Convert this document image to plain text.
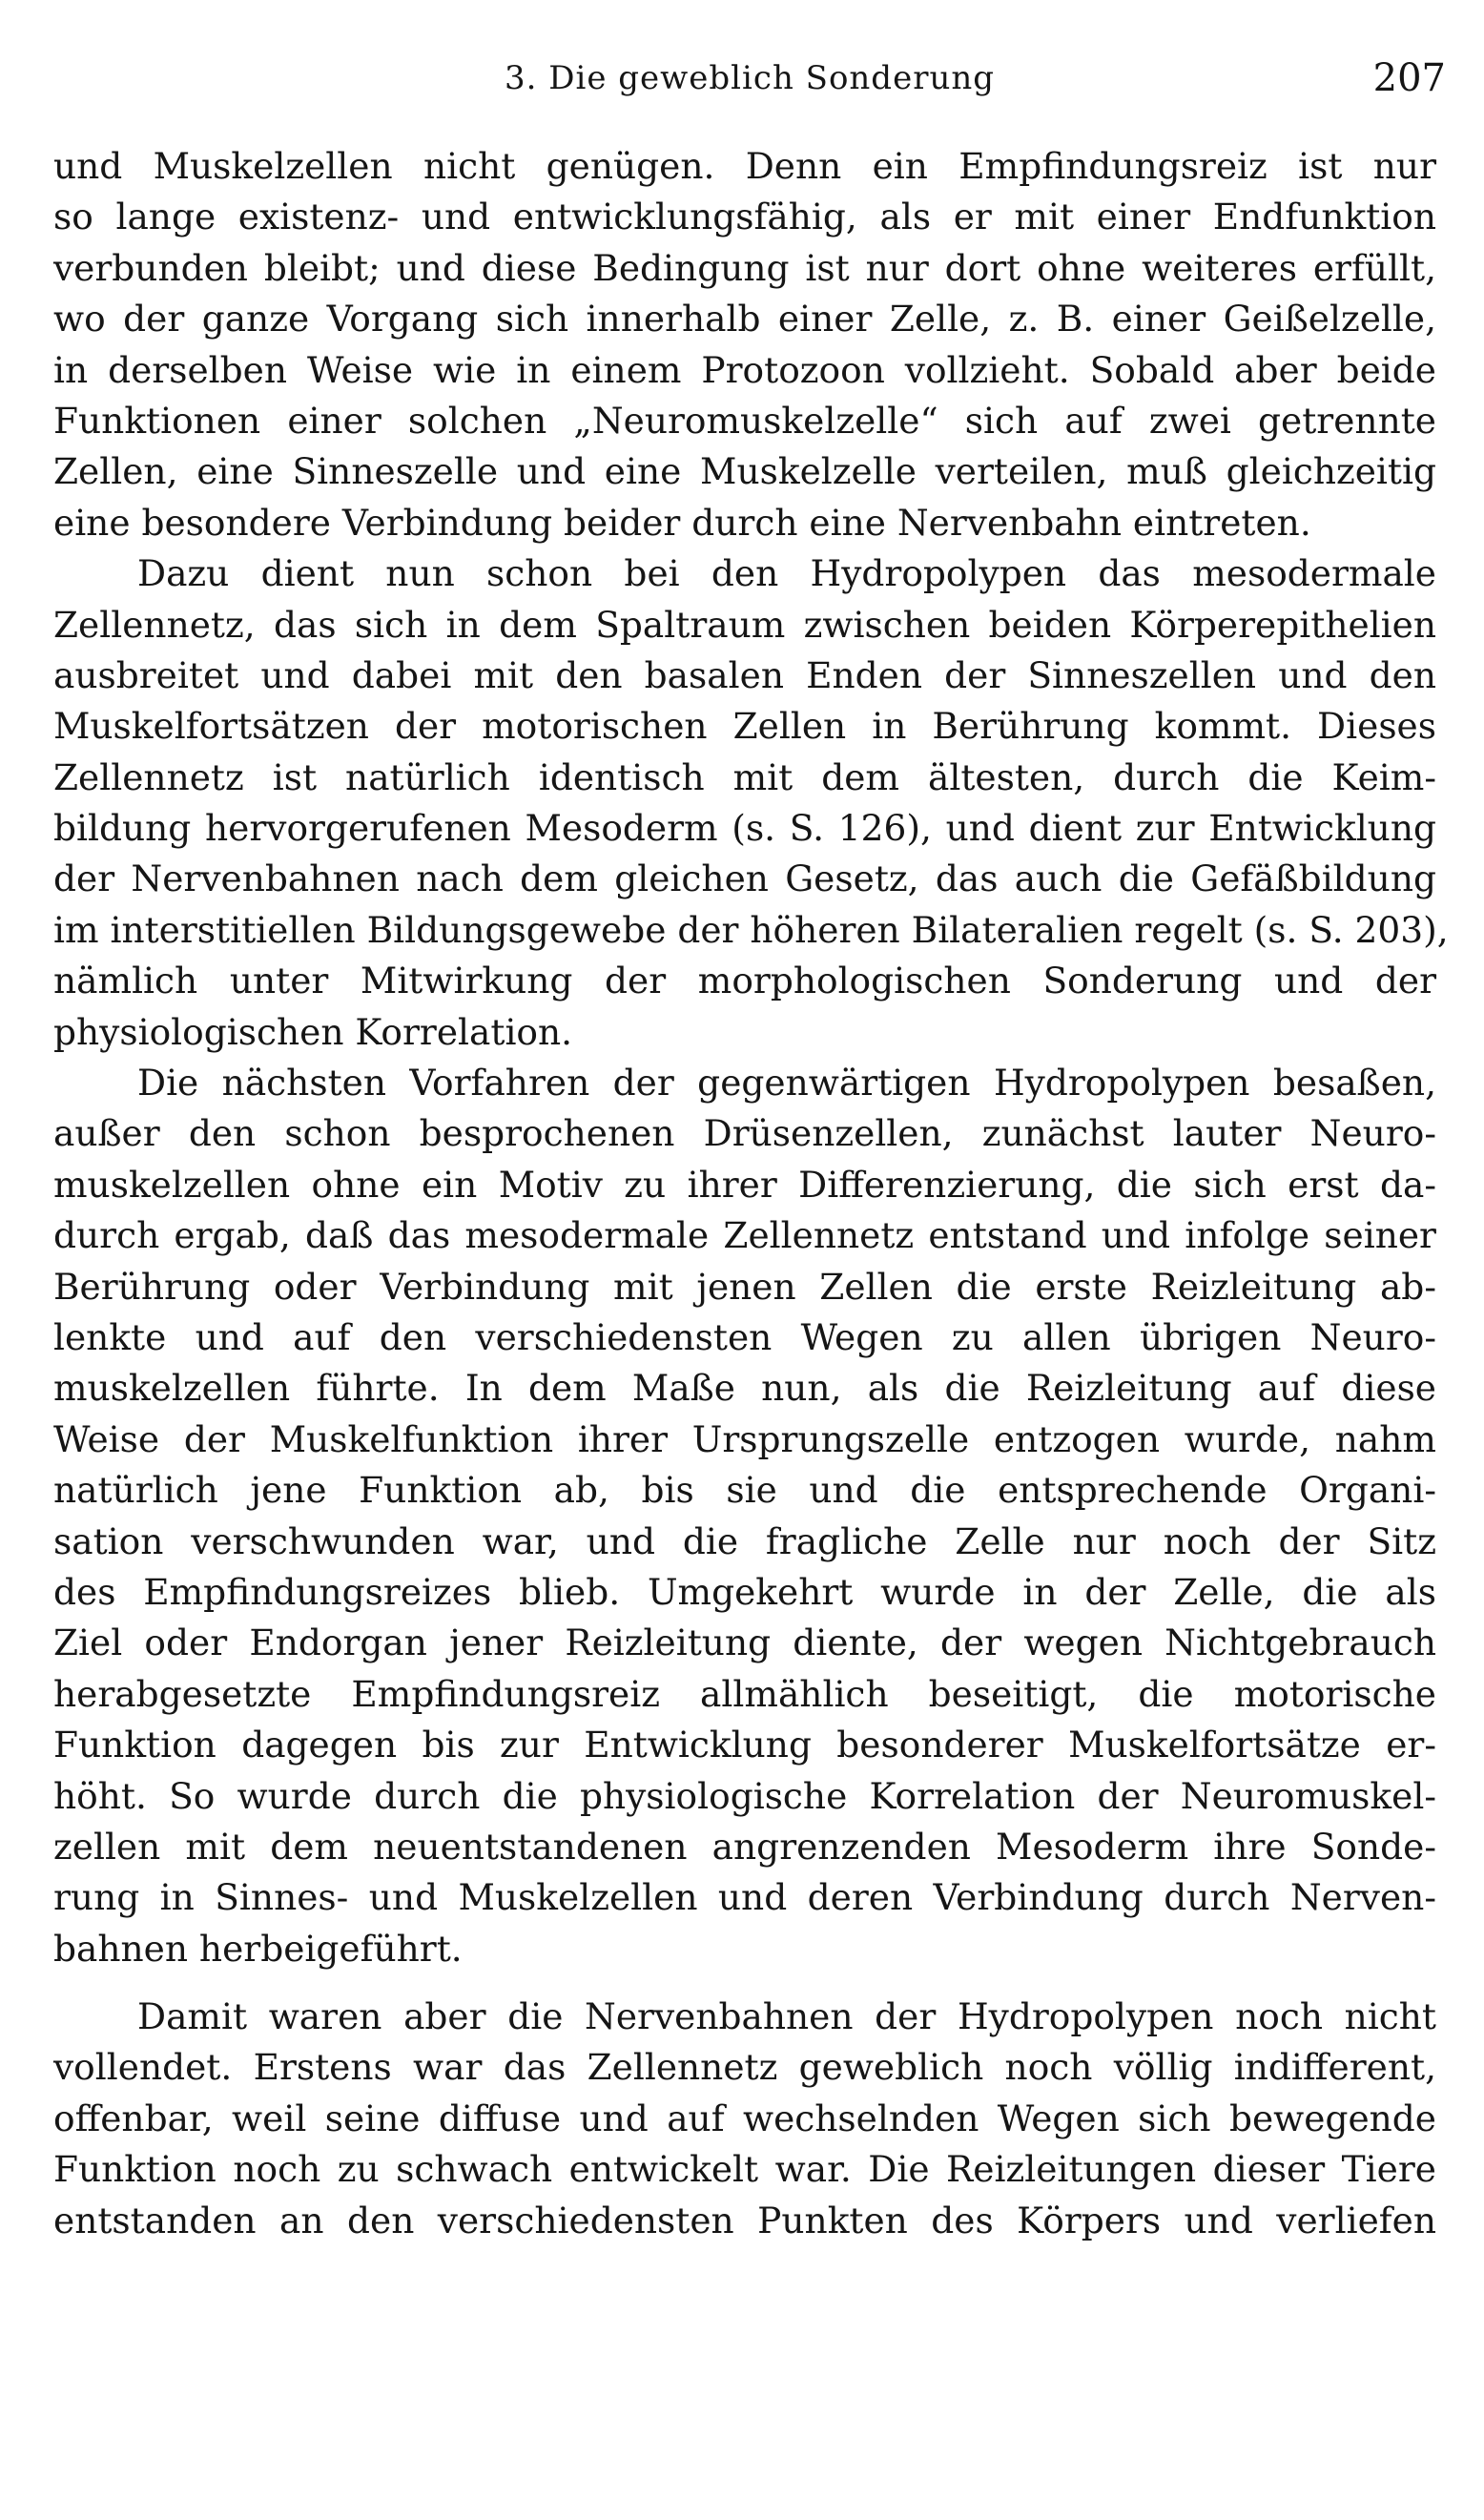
3. Die geweblich Sonderung	207
und Muskelzellen nicht genügen. Denn ein Empfindungsreiz ist nur
so lange existenz- und entwicklungsfähig, als er mit einer Endfunktion
verbunden bleibt; und diese Bedingung ist nur dort ohne weiteres erfüllt,
wo der ganze Vorgang sich innerhalb einer Zelle, z. B. einer Geißelzelle,
in derselben Weise wie in einem Protozoon vollzieht. Sobald aber beide
Funktionen einer solchen „Neuromuskelzelle“ sich auf zwei getrennte
Zellen, eine Sinneszelle und eine Muskelzelle verteilen, muß gleichzeitig
eine besondere Verbindung beider durch eine Nervenbahn eintreten.
Dazu dient nun schon bei den Hydropolypen das mesodermale
Zellennetz, das sich in dem Spaltraum zwischen beiden Körperepithelien
ausbreitet und dabei mit den basalen Enden der Sinneszellen und den
Muskelfortsätzen der motorischen Zellen in Berührung kommt. Dieses
Zellennetz ist natürlich identisch mit dem ältesten, durch die Keim-
bildung hervorgerufenen Mesoderm (s. S. 126), und dient zur Entwicklung
der Nervenbahnen nach dem gleichen Gesetz, das auch die Gefäßbildung
im interstitiellen Bildungsgewebe der höheren Bilateralien regelt (s. S. 203),
nämlich unter Mitwirkung der morphologischen Sonderung und der
physiologischen Korrelation.
Die nächsten Vorfahren der gegenwärtigen Hydropolypen besaßen,
außer den schon besprochenen Drüsenzellen, zunächst lauter Neuro-
muskelzellen ohne ein Motiv zu ihrer Differenzierung, die sich erst da-
durch ergab, daß das mesodermale Zellennetz entstand und infolge seiner
Berührung oder Verbindung mit jenen Zellen die erste Reizleitung ab-
lenkte und auf den verschiedensten Wegen zu allen übrigen Neuro-
muskelzellen führte. In dem Maße nun, als die Reizleitung auf diese
Weise der Muskelfunktion ihrer Ursprungszelle entzogen wurde, nahm
natürlich jene Funktion ab, bis sie und die entsprechende Organi-
sation verschwunden war, und die fragliche Zelle nur noch der Sitz
des Empfindungsreizes blieb. Umgekehrt wurde in der Zelle, die als
Ziel oder Endorgan jener Reizleitung diente, der wegen Nichtgebrauch
herabgesetzte Empfindungsreiz allmählich beseitigt, die motorische
Funktion dagegen bis zur Entwicklung besonderer Muskelfortsätze er-
höht. So wurde durch die physiologische Korrelation der Neuromuskel-
zellen mit dem neuentstandenen angrenzenden Mesoderm ihre Sonde-
rung in Sinnes- und Muskelzellen und deren Verbindung durch Nerven-
bahnen herbeigeführt.
Damit waren aber die Nervenbahnen der Hydropolypen noch nicht
vollendet. Erstens war das Zellennetz geweblich noch völlig indifferent,
offenbar, weil seine diffuse und auf wechselnden Wegen sich bewegende
Funktion noch zu schwach entwickelt war. Die Reizleitungen dieser Tiere
entstanden an den verschiedensten Punkten des Körpers und verliefen
